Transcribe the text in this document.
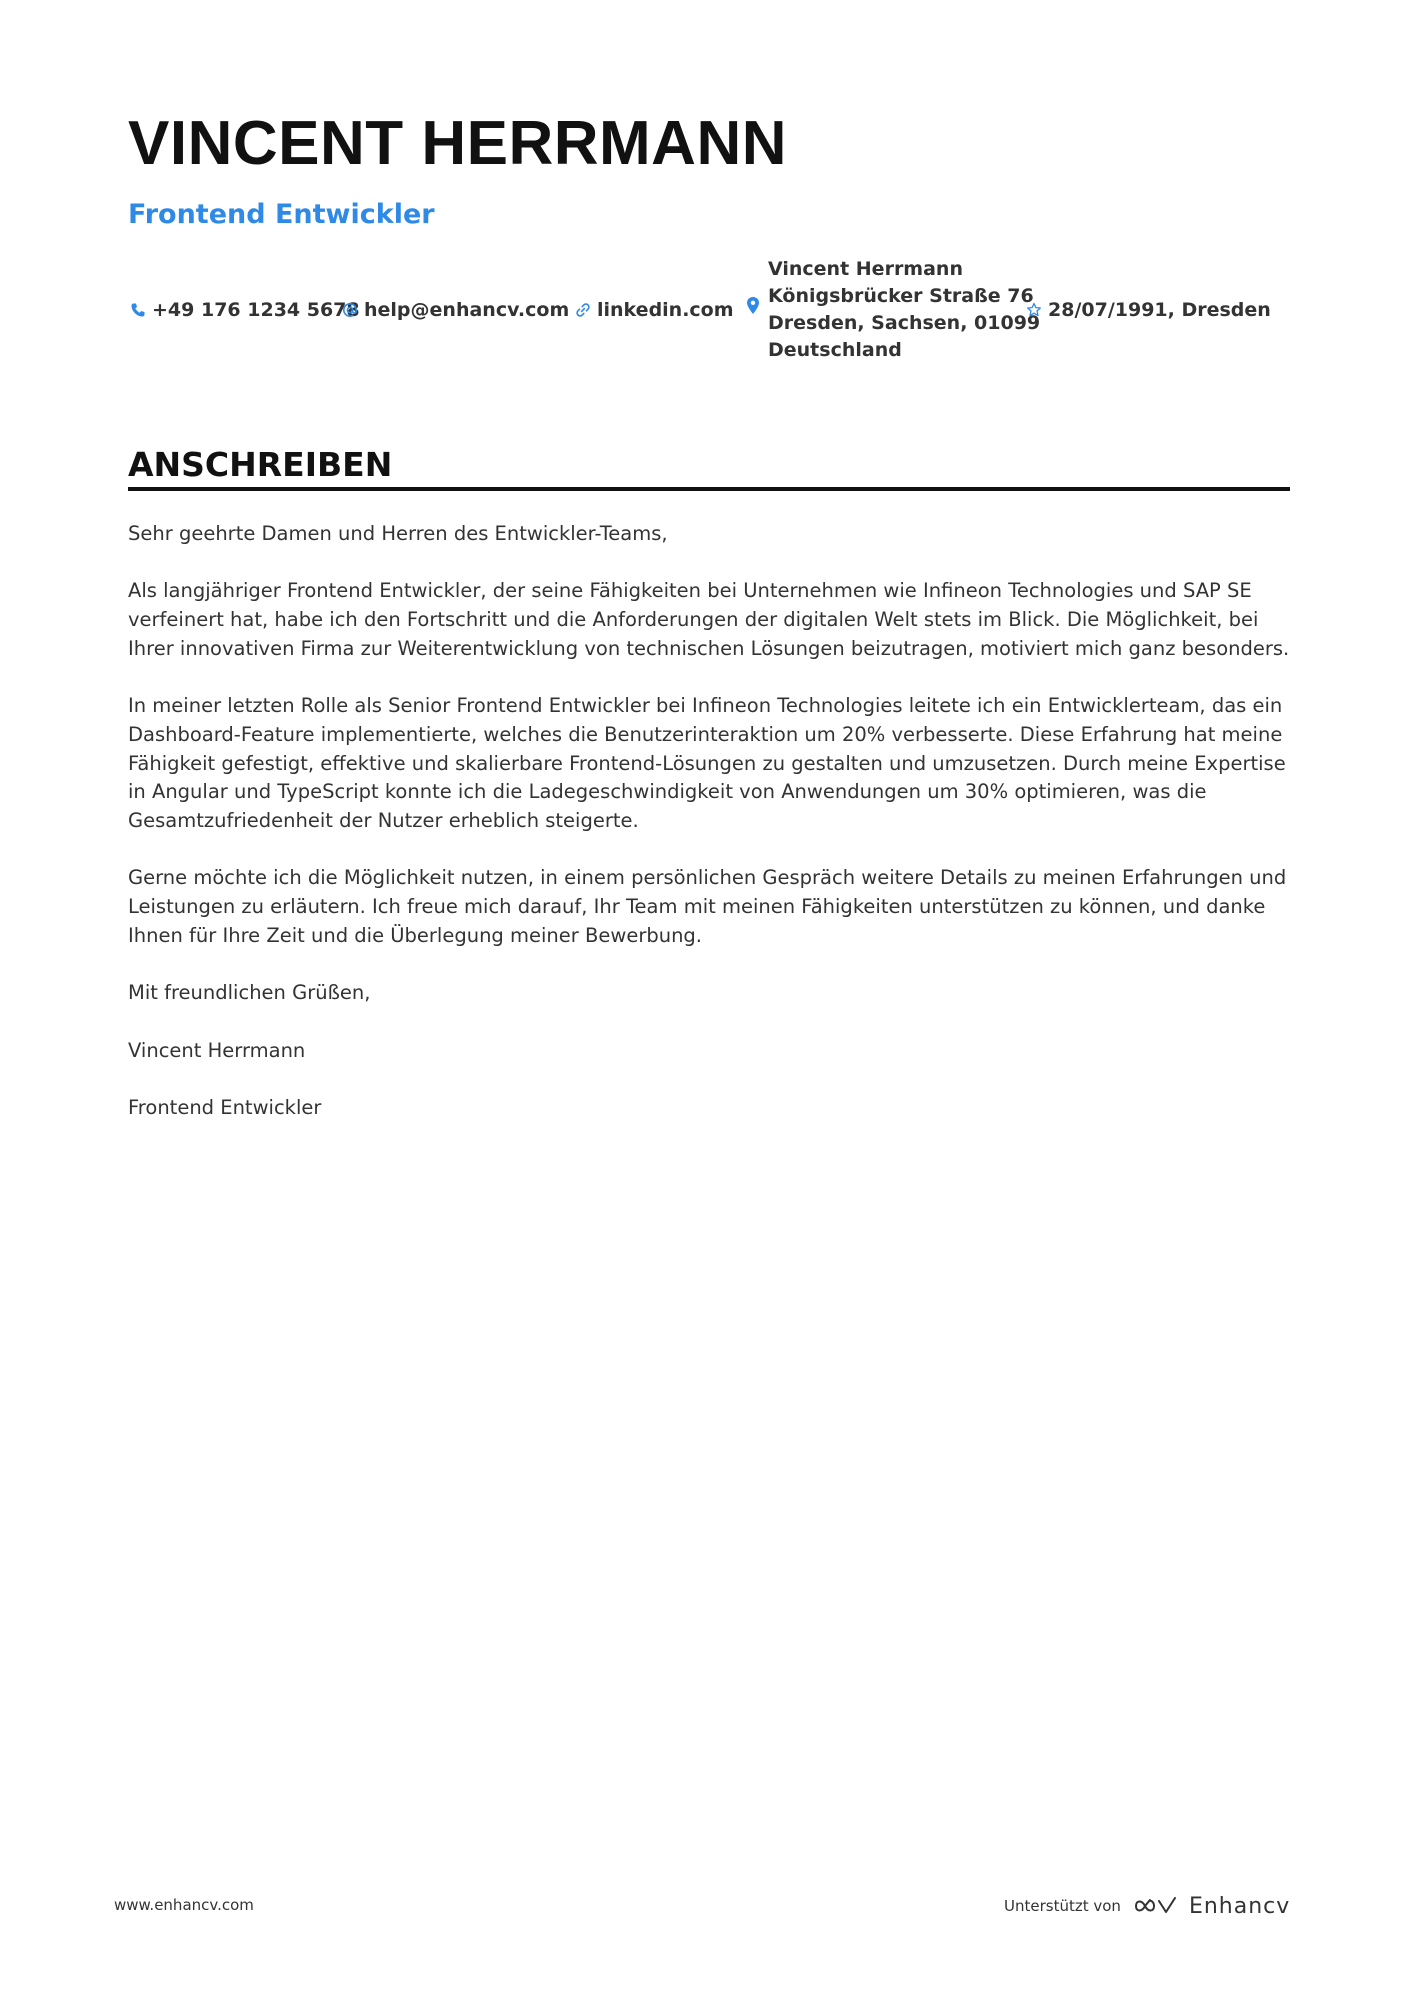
VINCENT HERRMANN
Frontend Entwickler
+49 176 1234 5678 help@enhancv.com linkedin.com
Vincent Herrmann
Königsbrücker Straße 76
Dresden, Sachsen, 01099
Deutschland
28/07/1991, Dresden
ANSCHREIBEN

Sehr geehrte Damen und Herren des Entwickler-Teams,

Als langjähriger Frontend Entwickler, der seine Fähigkeiten bei Unternehmen wie Infineon Technologies und SAP SE verfeinert hat, habe ich den Fortschritt und die Anforderungen der digitalen Welt stets im Blick. Die Möglichkeit, bei Ihrer innovativen Firma zur Weiterentwicklung von technischen Lösungen beizutragen, motiviert mich ganz besonders.

In meiner letzten Rolle als Senior Frontend Entwickler bei Infineon Technologies leitete ich ein Entwicklerteam, das ein Dashboard-Feature implementierte, welches die Benutzerinteraktion um 20% verbesserte. Diese Erfahrung hat meine Fähigkeit gefestigt, effektive und skalierbare Frontend-Lösungen zu gestalten und umzusetzen. Durch meine Expertise in Angular und TypeScript konnte ich die Ladegeschwindigkeit von Anwendungen um 30% optimieren, was die Gesamtzufriedenheit der Nutzer erheblich steigerte.

Gerne möchte ich die Möglichkeit nutzen, in einem persönlichen Gespräch weitere Details zu meinen Erfahrungen und Leistungen zu erläutern. Ich freue mich darauf, Ihr Team mit meinen Fähigkeiten unterstützen zu können, und danke Ihnen für Ihre Zeit und die Überlegung meiner Bewerbung.

Mit freundlichen Grüßen,

Vincent Herrmann

Frontend Entwickler

www.enhancv.com	Unterstützt von	Enhancv
